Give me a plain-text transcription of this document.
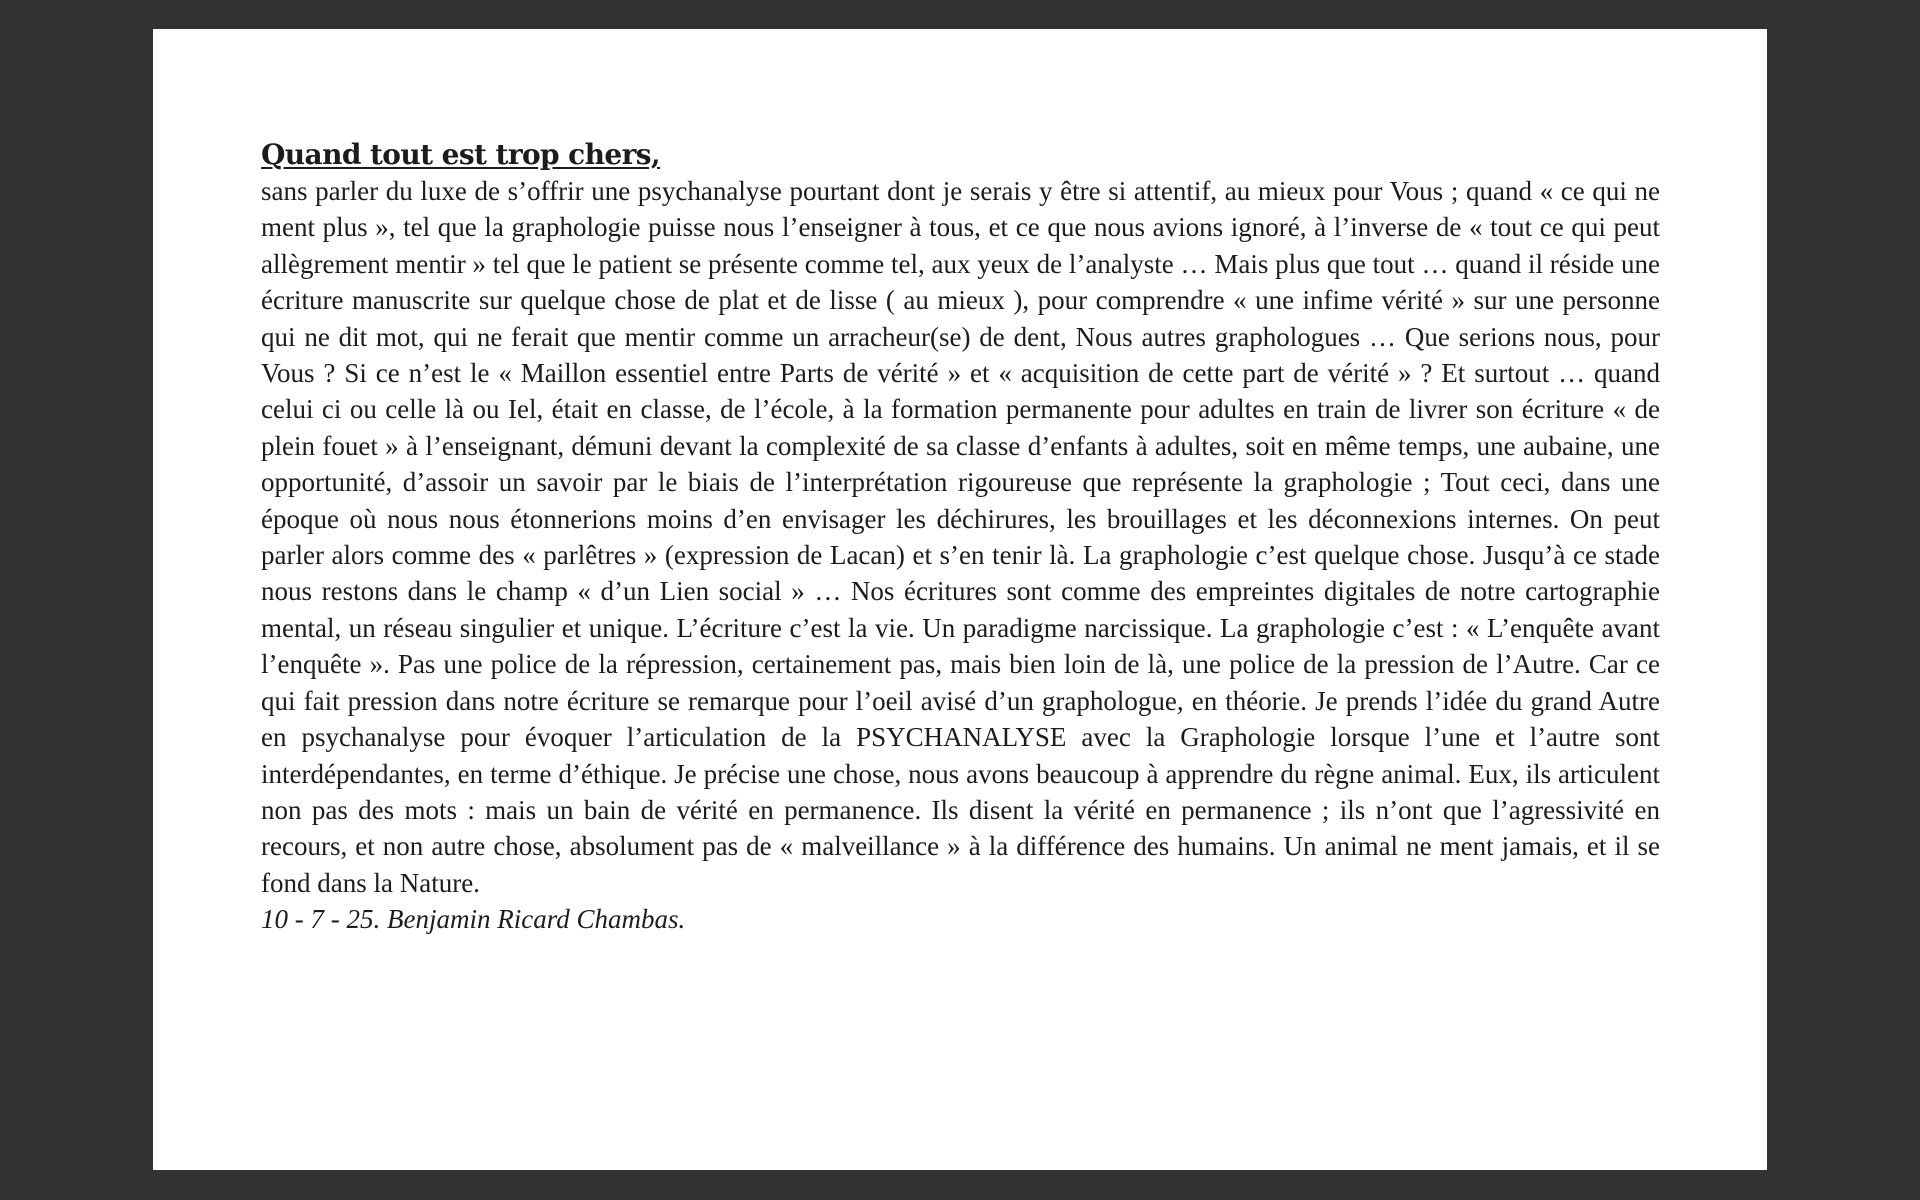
Quand tout est trop chers,

sans parler du luxe de s’offrir une psychanalyse pourtant dont je serais y être si attentif, au mieux pour Vous ; quand « ce qui ne ment plus », tel que la graphologie puisse nous l’enseigner à tous, et ce que nous avions ignoré, à l’inverse de « tout ce qui peut allègrement mentir » tel que le patient se présente comme tel, aux yeux de l’analyste … Mais plus que tout … quand il réside une écriture manuscrite sur quelque chose de plat et de lisse ( au mieux ), pour comprendre « une infime vérité » sur une personne qui ne dit mot, qui ne ferait que mentir comme un arracheur(se) de dent, Nous autres graphologues … Que serions nous, pour Vous ? Si ce n’est le « Maillon essentiel entre Parts de vérité » et « acquisition de cette part de vérité » ? Et surtout … quand celui ci ou celle là ou Iel, était en classe, de l’école, à la formation permanente pour adultes en train de livrer son écriture « de plein fouet » à l’enseignant, démuni devant la complexité de sa classe d’enfants à adultes, soit en même temps, une aubaine, une opportunité, d’assoir un savoir par le biais de l’interprétation rigoureuse que représente la graphologie ; Tout ceci, dans une époque où nous nous étonnerions moins d’en envisager les déchirures, les brouillages et les déconnexions internes. On peut parler alors comme des « parlêtres » (expression de Lacan) et s’en tenir là. La graphologie c’est quelque chose. Jusqu’à ce stade nous restons dans le champ « d’un Lien social » … Nos écritures sont comme des empreintes digitales de notre cartographie mental, un réseau singulier et unique. L’écriture c’est la vie. Un paradigme narcissique. La graphologie c’est : « L’enquête avant l’enquête ». Pas une police de la répression, certainement pas, mais bien loin de là, une police de la pression de l’Autre. Car ce qui fait pression dans notre écriture se remarque pour l’oeil avisé d’un graphologue, en théorie. Je prends l’idée du grand Autre en psychanalyse pour évoquer l’articulation de la PSYCHANALYSE avec la Graphologie lorsque l’une et l’autre sont interdépendantes, en terme d’éthique. Je précise une chose, nous avons beaucoup à apprendre du règne animal. Eux, ils articulent non pas des mots : mais un bain de vérité en permanence. Ils disent la vérité en permanence ; ils n’ont que l’agressivité en recours, et non autre chose, absolument pas de « malveillance » à la différence des humains. Un animal ne ment jamais, et il se fond dans la Nature.

10 - 7 - 25. Benjamin Ricard Chambas.
